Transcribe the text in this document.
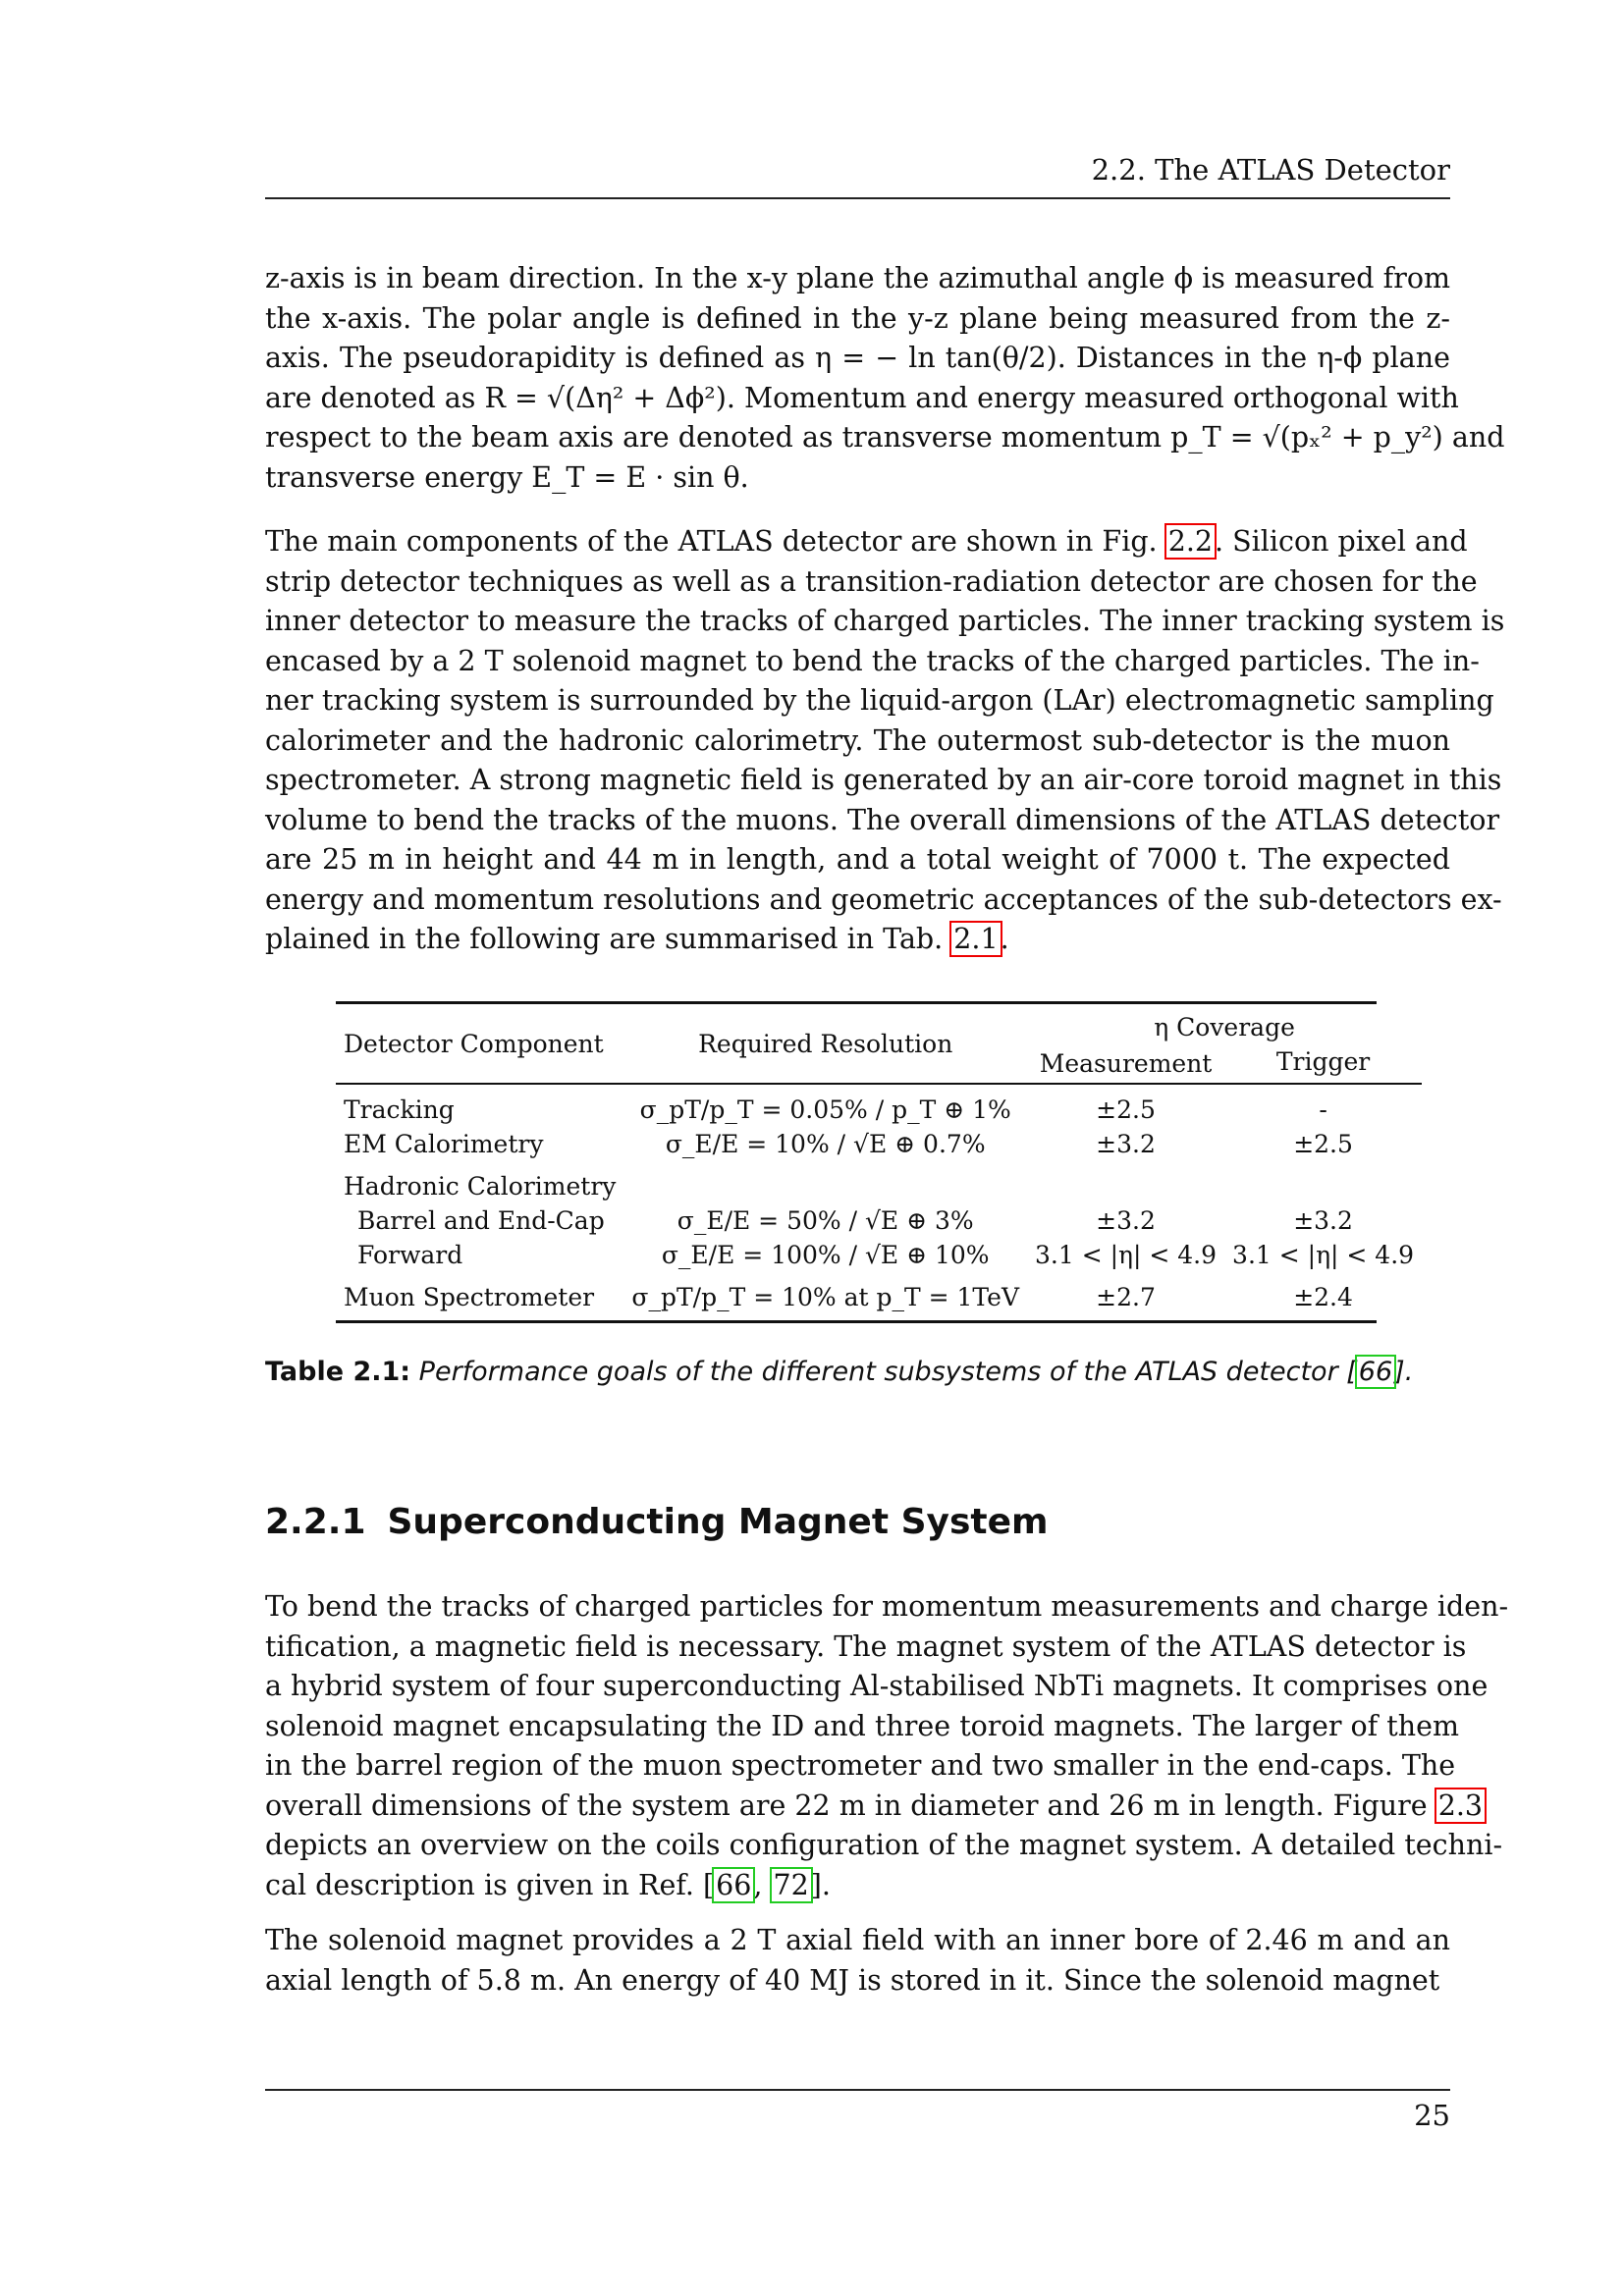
2.2. The ATLAS Detector
z-axis is in beam direction. In the x-y plane the azimuthal angle ϕ is measured from
the x-axis. The polar angle is defined in the y-z plane being measured from the z-
axis. The pseudorapidity is defined as η = − ln tan(θ/2). Distances in the η-ϕ plane
are denoted as R = √(Δη² + Δϕ²). Momentum and energy measured orthogonal with
respect to the beam axis are denoted as transverse momentum p_T = √(pₓ² + p_y²) and
transverse energy E_T = E · sin θ.
The main components of the ATLAS detector are shown in Fig. 2.2. Silicon pixel and
strip detector techniques as well as a transition-radiation detector are chosen for the
inner detector to measure the tracks of charged particles. The inner tracking system is
encased by a 2 T solenoid magnet to bend the tracks of the charged particles. The in-
ner tracking system is surrounded by the liquid-argon (LAr) electromagnetic sampling
calorimeter and the hadronic calorimetry. The outermost sub-detector is the muon
spectrometer. A strong magnetic field is generated by an air-core toroid magnet in this
volume to bend the tracks of the muons. The overall dimensions of the ATLAS detector
are 25 m in height and 44 m in length, and a total weight of 7000 t. The expected
energy and momentum resolutions and geometric acceptances of the sub-detectors ex-
plained in the following are summarised in Tab. 2.1.
Detector Component	Required Resolution	η Coverage	
		Measurement	Trigger

Tracking	σ_pT/p_T = 0.05% / p_T ⊕ 1%	±2.5	-
EM Calorimetry	σ_E/E = 10% / √E ⊕ 0.7%	±3.2	±2.5
Hadronic Calorimetry			
Barrel and End-Cap	σ_E/E = 50% / √E ⊕ 3%	±3.2	±3.2
Forward	σ_E/E = 100% / √E ⊕ 10%	3.1 < |η| < 4.9	3.1 < |η| < 4.9
Muon Spectrometer	σ_pT/p_T = 10% at p_T = 1TeV	±2.7	±2.4
Table 2.1: Performance goals of the different subsystems of the ATLAS detector [66].
2.2.1 Superconducting Magnet System
To bend the tracks of charged particles for momentum measurements and charge iden-
tification, a magnetic field is necessary. The magnet system of the ATLAS detector is
a hybrid system of four superconducting Al-stabilised NbTi magnets. It comprises one
solenoid magnet encapsulating the ID and three toroid magnets. The larger of them
in the barrel region of the muon spectrometer and two smaller in the end-caps. The
overall dimensions of the system are 22 m in diameter and 26 m in length. Figure 2.3
depicts an overview on the coils configuration of the magnet system. A detailed techni-
cal description is given in Ref. [66, 72].
The solenoid magnet provides a 2 T axial field with an inner bore of 2.46 m and an
axial length of 5.8 m. An energy of 40 MJ is stored in it. Since the solenoid magnet
25
